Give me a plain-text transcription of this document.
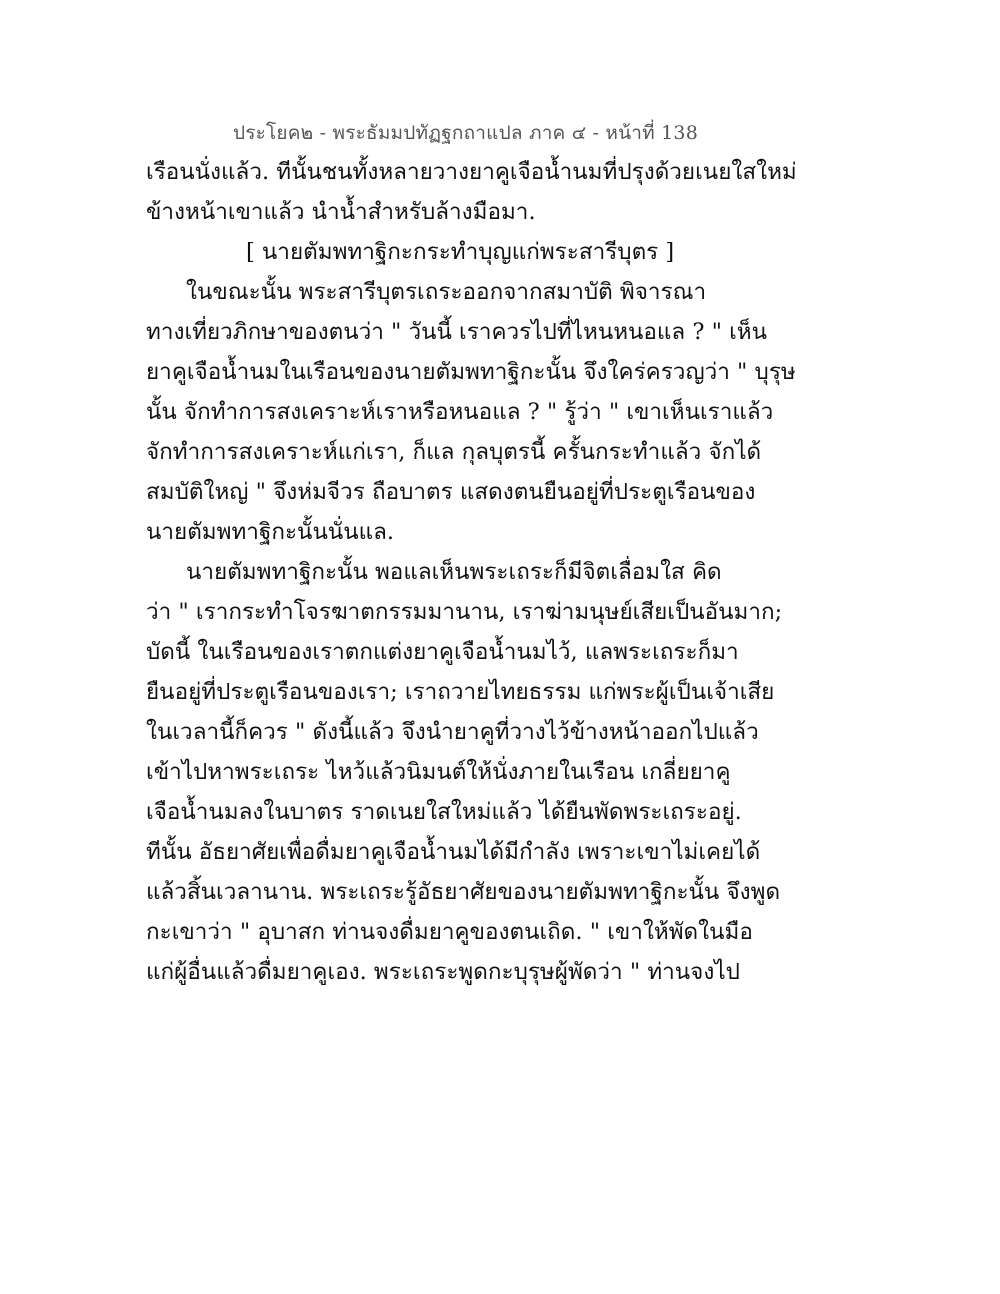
ประโยค๒ - พระธัมมปทัฏฐกถาแปล ภาค ๔ - หน้าที่ 138
เรือนนั่งแล้ว. ทีนั้นชนทั้งหลายวางยาคูเจือน้ำนมที่ปรุงด้วยเนยใสใหม่
ข้างหน้าเขาแล้ว นำน้ำสำหรับล้างมือมา.
[ นายตัมพทาฐิกะกระทำบุญแก่พระสารีบุตร ]
ในขณะนั้น พระสารีบุตรเถระออกจากสมาบัติ พิจารณา
ทางเที่ยวภิกษาของตนว่า " วันนี้ เราควรไปที่ไหนหนอแล ? " เห็น
ยาคูเจือน้ำนมในเรือนของนายตัมพทาฐิกะนั้น จึงใคร่ครวญว่า " บุรุษ
นั้น จักทำการสงเคราะห์เราหรือหนอแล ? " รู้ว่า " เขาเห็นเราแล้ว
จักทำการสงเคราะห์แก่เรา, ก็แล กุลบุตรนี้ ครั้นกระทำแล้ว จักได้
สมบัติใหญ่ " จึงห่มจีวร ถือบาตร แสดงตนยืนอยู่ที่ประตูเรือนของ
นายตัมพทาฐิกะนั้นนั่นแล.
นายตัมพทาฐิกะนั้น พอแลเห็นพระเถระก็มีจิตเลื่อมใส คิด
ว่า " เรากระทำโจรฆาตกรรมมานาน, เราฆ่ามนุษย์เสียเป็นอันมาก;
บัดนี้ ในเรือนของเราตกแต่งยาคูเจือน้ำนมไว้, แลพระเถระก็มา
ยืนอยู่ที่ประตูเรือนของเรา; เราถวายไทยธรรม แก่พระผู้เป็นเจ้าเสีย
ในเวลานี้ก็ควร " ดังนี้แล้ว จึงนำยาคูที่วางไว้ข้างหน้าออกไปแล้ว
เข้าไปหาพระเถระ ไหว้แล้วนิมนต์ให้นั่งภายในเรือน เกลี่ยยาคู
เจือน้ำนมลงในบาตร ราดเนยใสใหม่แล้ว ได้ยืนพัดพระเถระอยู่.
ทีนั้น อัธยาศัยเพื่อดื่มยาคูเจือน้ำนมได้มีกำลัง เพราะเขาไม่เคยได้
แล้วสิ้นเวลานาน. พระเถระรู้อัธยาศัยของนายตัมพทาฐิกะนั้น จึงพูด
กะเขาว่า " อุบาสก ท่านจงดื่มยาคูของตนเถิด. " เขาให้พัดในมือ
แก่ผู้อื่นแล้วดื่มยาคูเอง. พระเถระพูดกะบุรุษผู้พัดว่า " ท่านจงไป
